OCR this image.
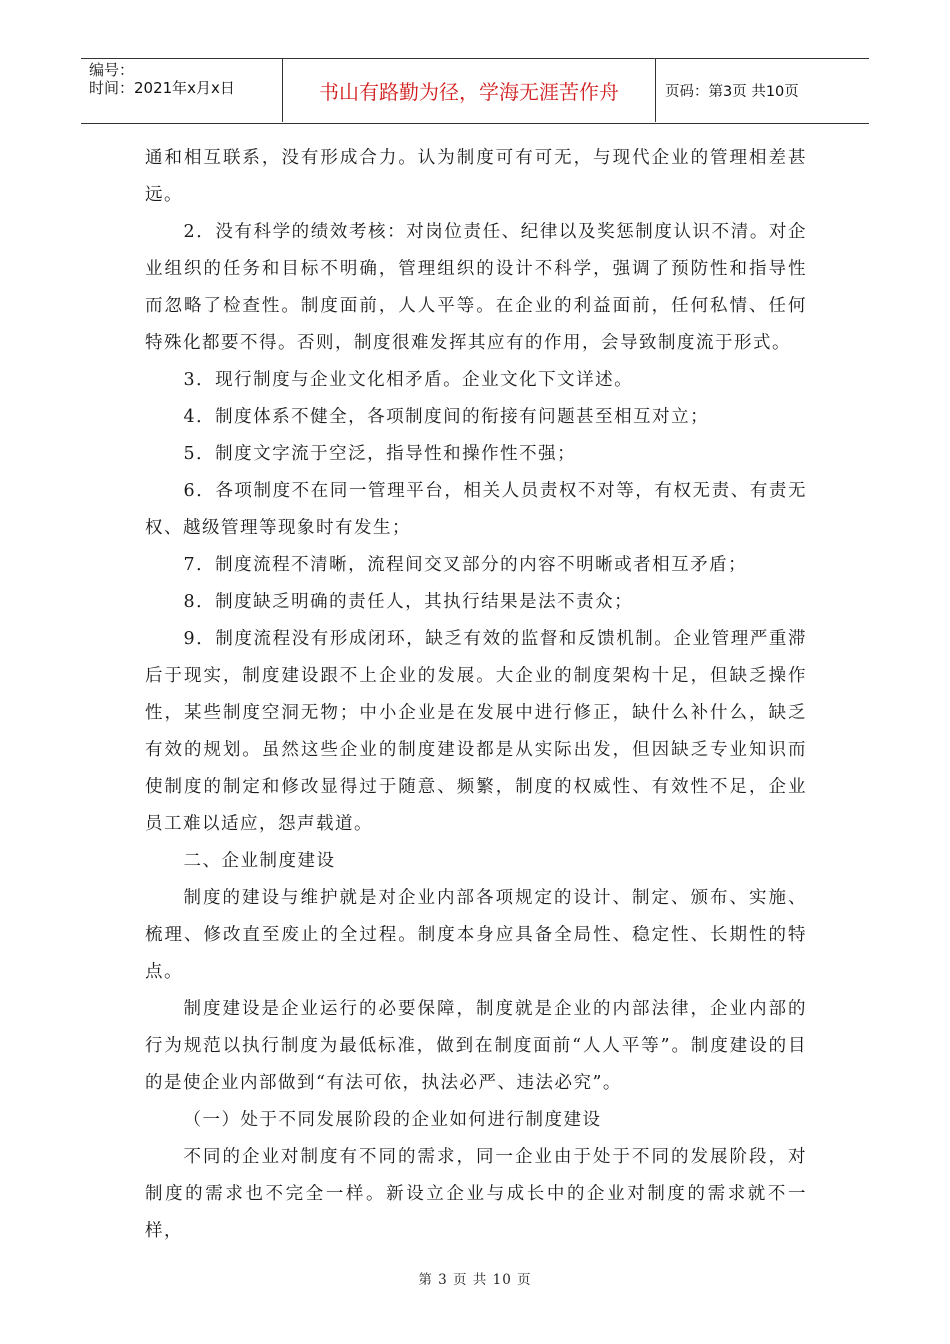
编号：
时间：2021年x月x日	书山有路勤为径，学海无涯苦作舟	页码：第3页 共10页

通和相互联系，没有形成合力。认为制度可有可无，与现代企业的管理相差甚远。

2．没有科学的绩效考核：对岗位责任、纪律以及奖惩制度认识不清。对企业组织的任务和目标不明确，管理组织的设计不科学，强调了预防性和指导性而忽略了检查性。制度面前，人人平等。在企业的利益面前，任何私情、任何特殊化都要不得。否则，制度很难发挥其应有的作用，会导致制度流于形式。

3．现行制度与企业文化相矛盾。企业文化下文详述。

4．制度体系不健全，各项制度间的衔接有问题甚至相互对立；

5．制度文字流于空泛，指导性和操作性不强；

6．各项制度不在同一管理平台，相关人员责权不对等，有权无责、有责无权、越级管理等现象时有发生；

7．制度流程不清晰，流程间交叉部分的内容不明晰或者相互矛盾；

8．制度缺乏明确的责任人，其执行结果是法不责众；

9．制度流程没有形成闭环，缺乏有效的监督和反馈机制。企业管理严重滞后于现实，制度建设跟不上企业的发展。大企业的制度架构十足，但缺乏操作性，某些制度空洞无物；中小企业是在发展中进行修正，缺什么补什么，缺乏有效的规划。虽然这些企业的制度建设都是从实际出发，但因缺乏专业知识而使制度的制定和修改显得过于随意、频繁，制度的权威性、有效性不足，企业员工难以适应，怨声载道。

二、企业制度建设

制度的建设与维护就是对企业内部各项规定的设计、制定、颁布、实施、梳理、修改直至废止的全过程。制度本身应具备全局性、稳定性、长期性的特点。

制度建设是企业运行的必要保障，制度就是企业的内部法律，企业内部的行为规范以执行制度为最低标准，做到在制度面前“人人平等”。制度建设的目的是使企业内部做到“有法可依，执法必严、违法必究”。

（一）处于不同发展阶段的企业如何进行制度建设

不同的企业对制度有不同的需求，同一企业由于处于不同的发展阶段，对制度的需求也不完全一样。新设立企业与成长中的企业对制度的需求就不一样，

第 3 页 共 10 页
